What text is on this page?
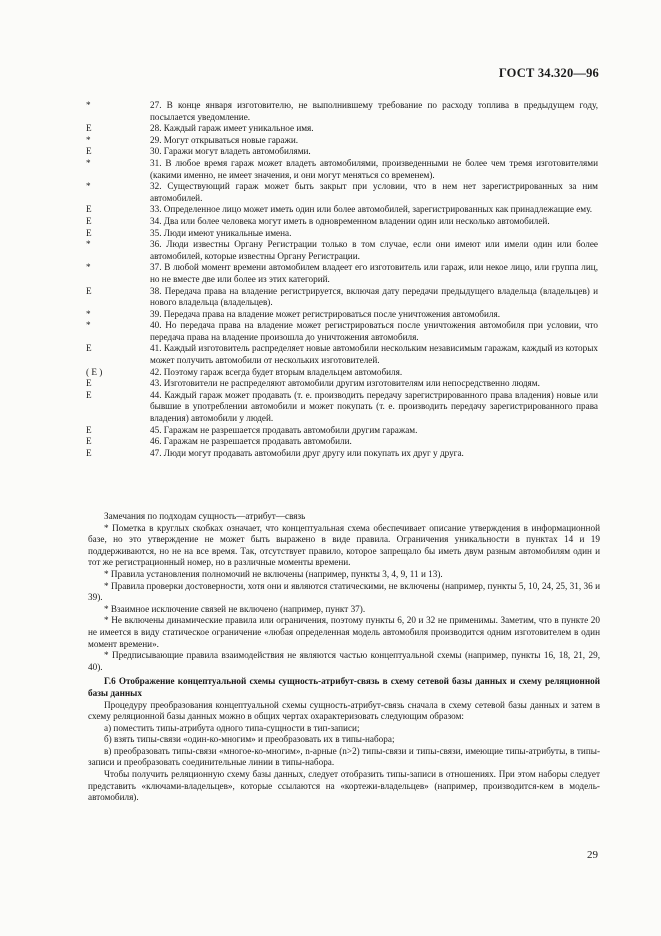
ГОСТ 34.320—96
*	27. В конце января изготовителю, не выполнившему требование по расходу топлива в предыдущем году, посылается уведомление.
Е	28. Каждый гараж имеет уникальное имя.
*	29. Могут открываться новые гаражи.
Е	30. Гаражи могут владеть автомобилями.
*	31. В любое время гараж может владеть автомобилями, произведенными не более чем тремя изготовителями (какими именно, не имеет значения, и они могут меняться со временем).
*	32. Существующий гараж может быть закрыт при условии, что в нем нет зарегистрированных за ним автомобилей.
Е	33. Определенное лицо может иметь один или более автомобилей, зарегистрированных как принадлежащие ему.
Е	34. Два или более человека могут иметь в одновременном владении один или несколько автомобилей.
Е	35. Люди имеют уникальные имена.
*	36. Люди известны Органу Регистрации только в том случае, если они имеют или имели один или более автомобилей, которые известны Органу Регистрации.
*	37. В любой момент времени автомобилем владеет его изготовитель или гараж, или некое лицо, или группа лиц, но не вместе две или более из этих категорий.
Е	38. Передача права на владение регистрируется, включая дату передачи предыдущего владельца (владельцев) и нового владельца (владельцев).
*	39. Передача права на владение может регистрироваться после уничтожения автомобиля.
*	40. Но передача права на владение может регистрироваться после уничтожения автомобиля при условии, что передача права на владение произошла до уничтожения автомобиля.
Е	41. Каждый изготовитель распределяет новые автомобили нескольким независимым гаражам, каждый из которых может получить автомобили от нескольких изготовителей.
( Е )	42. Поэтому гараж всегда будет вторым владельцем автомобиля.
Е	43. Изготовители не распределяют автомобили другим изготовителям или непосредственно людям.
Е	44. Каждый гараж может продавать (т. е. производить передачу зарегистрированного права владения) новые или бывшие в употреблении автомобили и может покупать (т. е. производить передачу зарегистрированного права владения) автомобили у людей.
Е	45. Гаражам не разрешается продавать автомобили другим гаражам.
Е	46. Гаражам не разрешается продавать автомобили.
Е	47. Люди могут продавать автомобили друг другу или покупать их друг у друга.

Замечания по подходам сущность—атрибут—связь

* Пометка в круглых скобках означает, что концептуальная схема обеспечивает описание утверждения в информационной базе, но это утверждение не может быть выражено в виде правила. Ограничения уникальности в пунктах 14 и 19 поддерживаются, но не на все время. Так, отсутствует правило, которое запрещало бы иметь двум разным автомобилям один и тот же регистрационный номер, но в различные моменты времени.

* Правила установления полномочий не включены (например, пункты 3, 4, 9, 11 и 13).

* Правила проверки достоверности, хотя они и являются статическими, не включены (например, пункты 5, 10, 24, 25, 31, 36 и 39).

* Взаимное исключение связей не включено (например, пункт 37).

* Не включены динамические правила или ограничения, поэтому пункты 6, 20 и 32 не применимы. Заметим, что в пункте 20 не имеется в виду статическое ограничение «любая определенная модель автомобиля производится одним изготовителем в один момент времени».

* Предписывающие правила взаимодействия не являются частью концептуальной схемы (например, пункты 16, 18, 21, 29, 40).

Г.6 Отображение концептуальной схемы сущность-атрибут-связь в схему сетевой базы данных и схему реляционной базы данных

Процедуру преобразования концептуальной схемы сущность-атрибут-связь сначала в схему сетевой базы данных и затем в схему реляционной базы данных можно в общих чертах охарактеризовать следующим образом:

а) поместить типы-атрибута одного типа-сущности в тип-записи;

б) взять типы-связи «один-ко-многим» и преобразовать их в типы-набора;

в) преобразовать типы-связи «многое-ко-многим», n-арные (n>2) типы-связи и типы-связи, имеющие типы-атрибуты, в типы-записи и преобразовать соединительные линии в типы-набора.

Чтобы получить реляционную схему базы данных, следует отобразить типы-записи в отношениях. При этом наборы следует представить «ключами-владельцев», которые ссылаются на «кортежи-владельцев» (например, производится-кем в модель-автомобиля).

29
